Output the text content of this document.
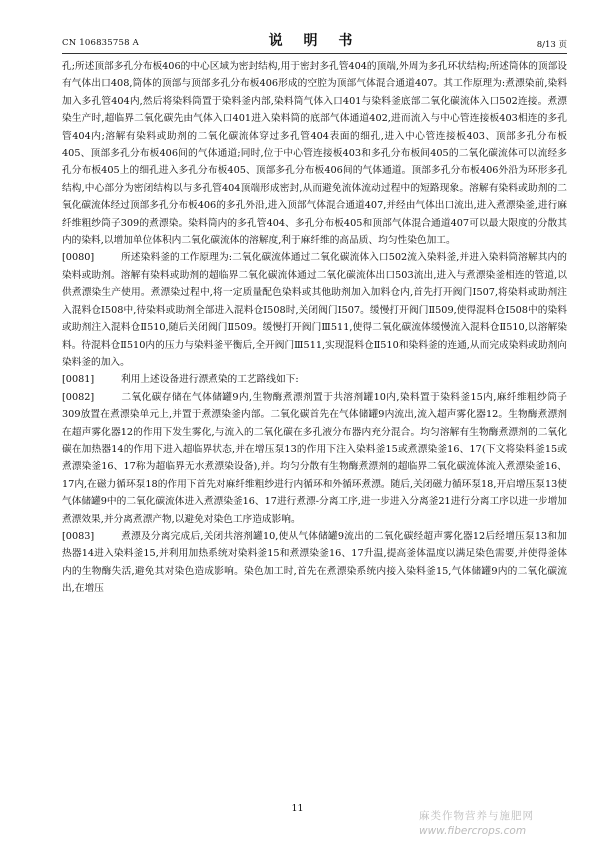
CN 106835758 A	说 明 书	8/13 页

孔;所述顶部多孔分布板406的中心区域为密封结构,用于密封多孔管404的顶端,外周为多孔环状结构;所述筒体的顶部设有气体出口408,筒体的顶部与顶部多孔分布板406形成的空腔为顶部气体混合通道407。其工作原理为:煮漂染前,染料加入多孔管404内,然后将染料筒置于染料釜内部,染料筒气体入口401与染料釜底部二氧化碳流体入口502连接。煮漂染生产时,超临界二氧化碳先由气体入口401进入染料筒的底部气体通道402,进而流入与中心管连接板403相连的多孔管404内;溶解有染料或助剂的二氧化碳流体穿过多孔管404表面的细孔,进入中心管连接板403、顶部多孔分布板405、顶部多孔分布板406间的气体通道;同时,位于中心管连接板403和多孔分布板间405的二氧化碳流体可以流经多孔分布板405上的细孔进入多孔分布板405、顶部多孔分布板406间的气体通道。顶部多孔分布板406外沿为环形多孔结构,中心部分为密闭结构以与多孔管404顶端形成密封,从而避免流体流动过程中的短路现象。溶解有染料或助剂的二氧化碳流体经过顶部多孔分布板406的多孔外沿,进入顶部气体混合通道407,并经由气体出口流出,进入煮漂染釜,进行麻纤维粗纱筒子309的煮漂染。染料筒内的多孔管404、多孔分布板405和顶部气体混合通道407可以最大限度的分散其内的染料,以增加单位体积内二氧化碳流体的溶解度,利于麻纤维的高品质、均匀性染色加工。

[0080]	所述染料釜的工作原理为:二氧化碳流体通过二氧化碳流体入口502流入染料釜,并进入染料筒溶解其内的染料或助剂。溶解有染料或助剂的超临界二氧化碳流体通过二氧化碳流体出口503流出,进入与煮漂染釜相连的管道,以供煮漂染生产使用。煮漂染过程中,将一定质量配色染料或其他助剂加入加料仓内,首先打开阀门Ⅰ507,将染料或助剂注入混料仓Ⅰ508中,待染料或助剂全部进入混料仓Ⅰ508时,关闭阀门Ⅰ507。缓慢打开阀门Ⅱ509,使得混料仓Ⅰ508中的染料或助剂注入混料仓Ⅱ510,随后关闭阀门Ⅱ509。缓慢打开阀门Ⅲ511,使得二氧化碳流体缓慢流入混料仓Ⅱ510,以溶解染料。待混料仓Ⅱ510内的压力与染料釜平衡后,全开阀门Ⅲ511,实现混料仓Ⅱ510和染料釜的连通,从而完成染料或助剂向染料釜的加入。

[0081]	利用上述设备进行漂煮染的工艺路线如下:

[0082]	二氧化碳存储在气体储罐9内,生物酶煮漂剂置于共溶剂罐10内,染料置于染料釜15内,麻纤维粗纱筒子309放置在煮漂染单元上,并置于煮漂染釜内部。二氧化碳首先在气体储罐9内流出,流入超声雾化器12。生物酶煮漂剂在超声雾化器12的作用下发生雾化,与流入的二氧化碳在多孔液分布器内充分混合。均匀溶解有生物酶煮漂剂的二氧化碳在加热器14的作用下进入超临界状态,并在增压泵13的作用下注入染料釜15或煮漂染釜16、17(下文将染料釜15或煮漂染釜16、17称为超临界无水煮漂染设备),并。均匀分散有生物酶煮漂剂的超临界二氧化碳流体流入煮漂染釜16、17内,在磁力循环泵18的作用下首先对麻纤维粗纱进行内循环和外循环煮漂。随后,关闭磁力循环泵18,开启增压泵13使气体储罐9中的二氧化碳流体进入煮漂染釜16、17进行煮漂-分离工序,进一步进入分离釜21进行分离工序以进一步增加煮漂效果,并分离煮漂产物,以避免对染色工序造成影响。

[0083]	煮漂及分离完成后,关闭共溶剂罐10,使从气体储罐9流出的二氧化碳经超声雾化器12后经增压泵13和加热器14进入染料釜15,并利用加热系统对染料釜15和煮漂染釜16、17升温,提高釜体温度以满足染色需要,并使得釜体内的生物酶失活,避免其对染色造成影响。染色加工时,首先在煮漂染系统内接入染料釜15,气体储罐9内的二氧化碳流出,在增压

11
麻类作物营养与施肥网
www.fibercrops.com
